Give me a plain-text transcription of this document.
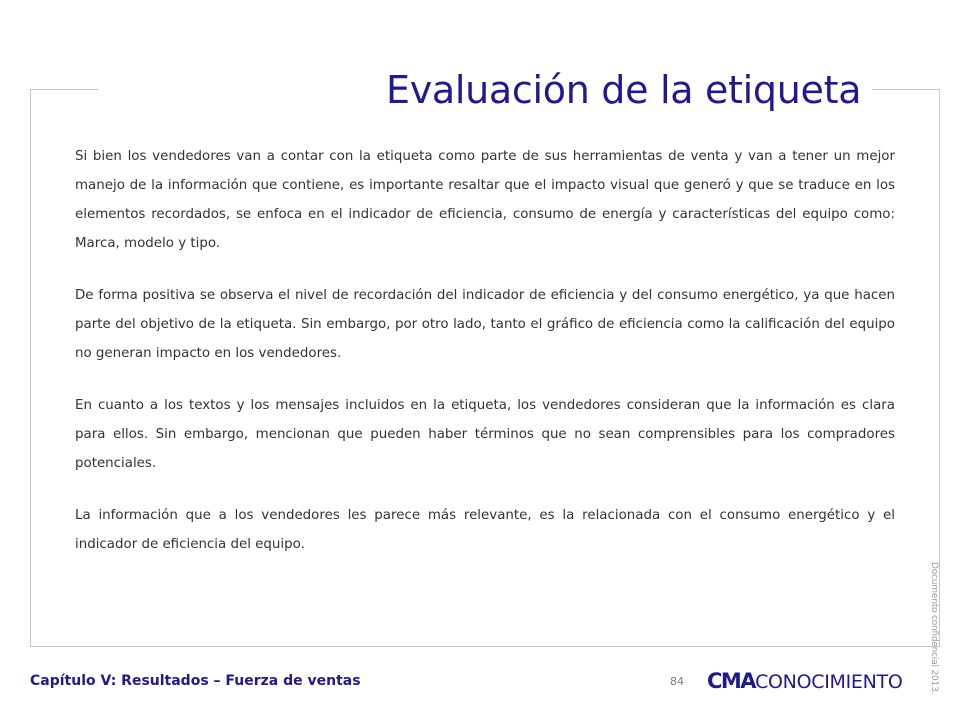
Evaluación de la etiqueta

Si bien los vendedores van a contar con la etiqueta como parte de sus herramientas de venta y van a tener un mejor manejo de la información que contiene, es importante resaltar que el impacto visual que generó y que se traduce en los elementos recordados, se enfoca en el indicador de eficiencia, consumo de energía y características del equipo como: Marca, modelo y tipo.

De forma positiva se observa el nivel de recordación del indicador de eficiencia y del consumo energético, ya que hacen parte del objetivo de la etiqueta. Sin embargo, por otro lado, tanto el gráfico de eficiencia como la calificación del equipo no generan impacto en los vendedores.

En cuanto a los textos y los mensajes incluidos en la etiqueta, los vendedores consideran que la información es clara para ellos. Sin embargo, mencionan que pueden haber términos que no sean comprensibles para los compradores potenciales.

La información que a los vendedores les parece más relevante, es la relacionada con el consumo energético y el indicador de eficiencia del equipo.

Documento confidencial 2013.
Capítulo V: Resultados – Fuerza de ventas	84 CMACONOCIMIENTO
